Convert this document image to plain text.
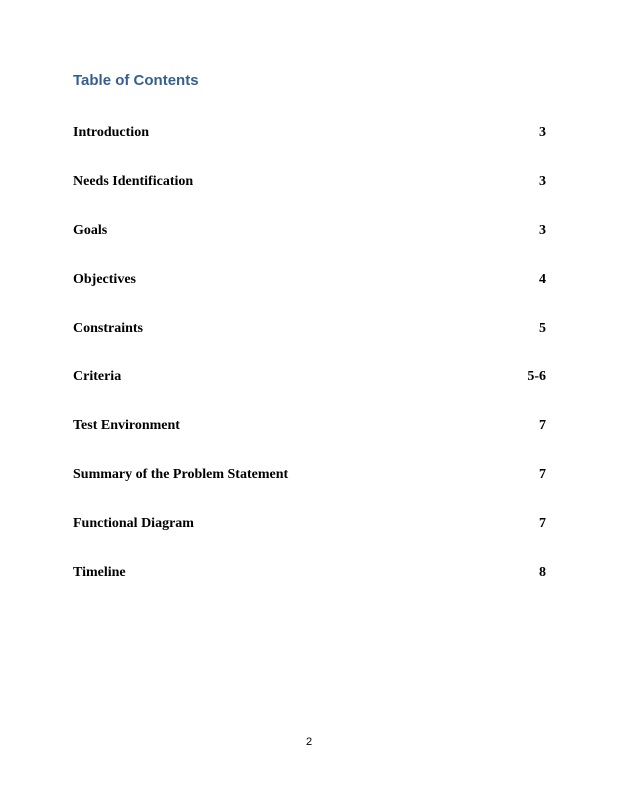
Table of Contents
Introduction	3
Needs Identification	3
Goals	3
Objectives	4
Constraints	5
Criteria	5-6
Test Environment	7
Summary of the Problem Statement	7
Functional Diagram	7
Timeline	8
2
